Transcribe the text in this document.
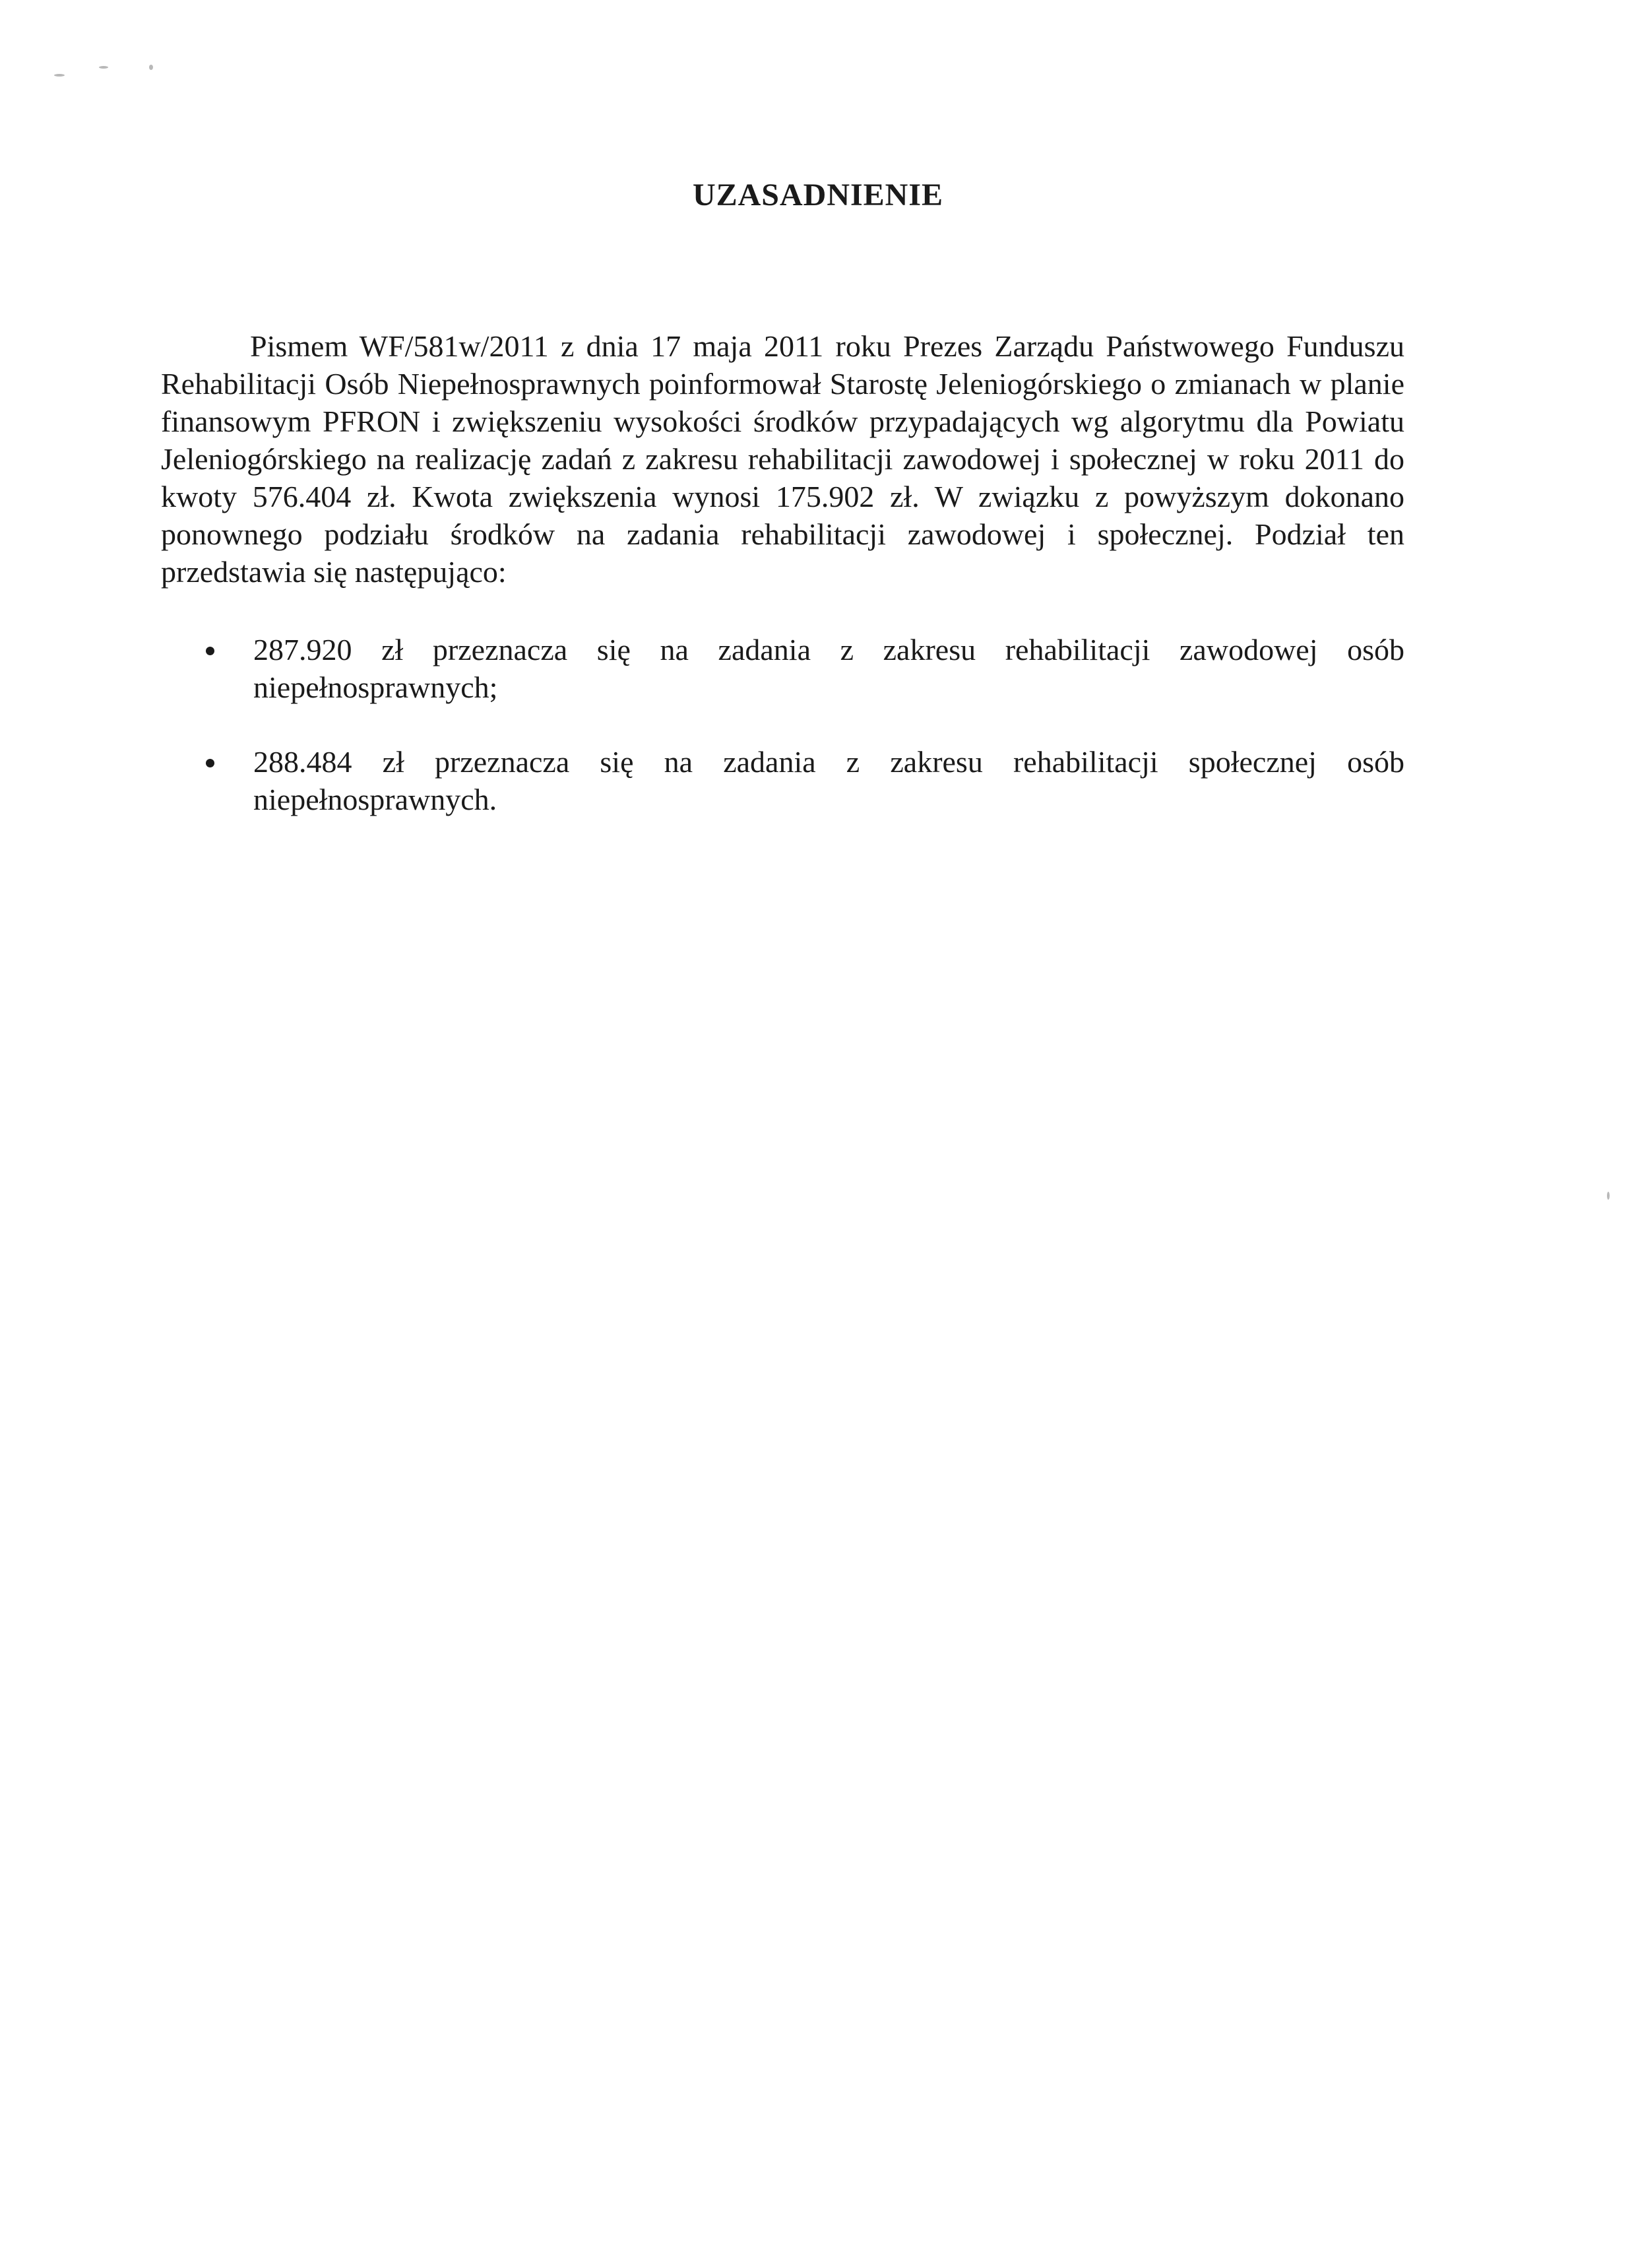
UZASADNIENIE

Pismem WF/581w/2011 z dnia 17 maja 2011 roku Prezes Zarządu Państwowego Funduszu Rehabilitacji Osób Niepełnosprawnych poinformował Starostę Jeleniogórskiego o zmianach w planie finansowym PFRON i zwiększeniu wysokości środków przypadających wg algorytmu dla Powiatu Jeleniogórskiego na realizację zadań z zakresu rehabilitacji zawodowej i społecznej w roku 2011 do kwoty 576.404 zł. Kwota zwiększenia wynosi 175.902 zł. W związku z powyższym dokonano ponownego podziału środków na zadania rehabilitacji zawodowej i społecznej. Podział ten przedstawia się następująco:

287.920 zł przeznacza się na zadania z zakresu rehabilitacji zawodowej osób niepełnosprawnych;
288.484 zł przeznacza się na zadania z zakresu rehabilitacji społecznej osób niepełnosprawnych.
